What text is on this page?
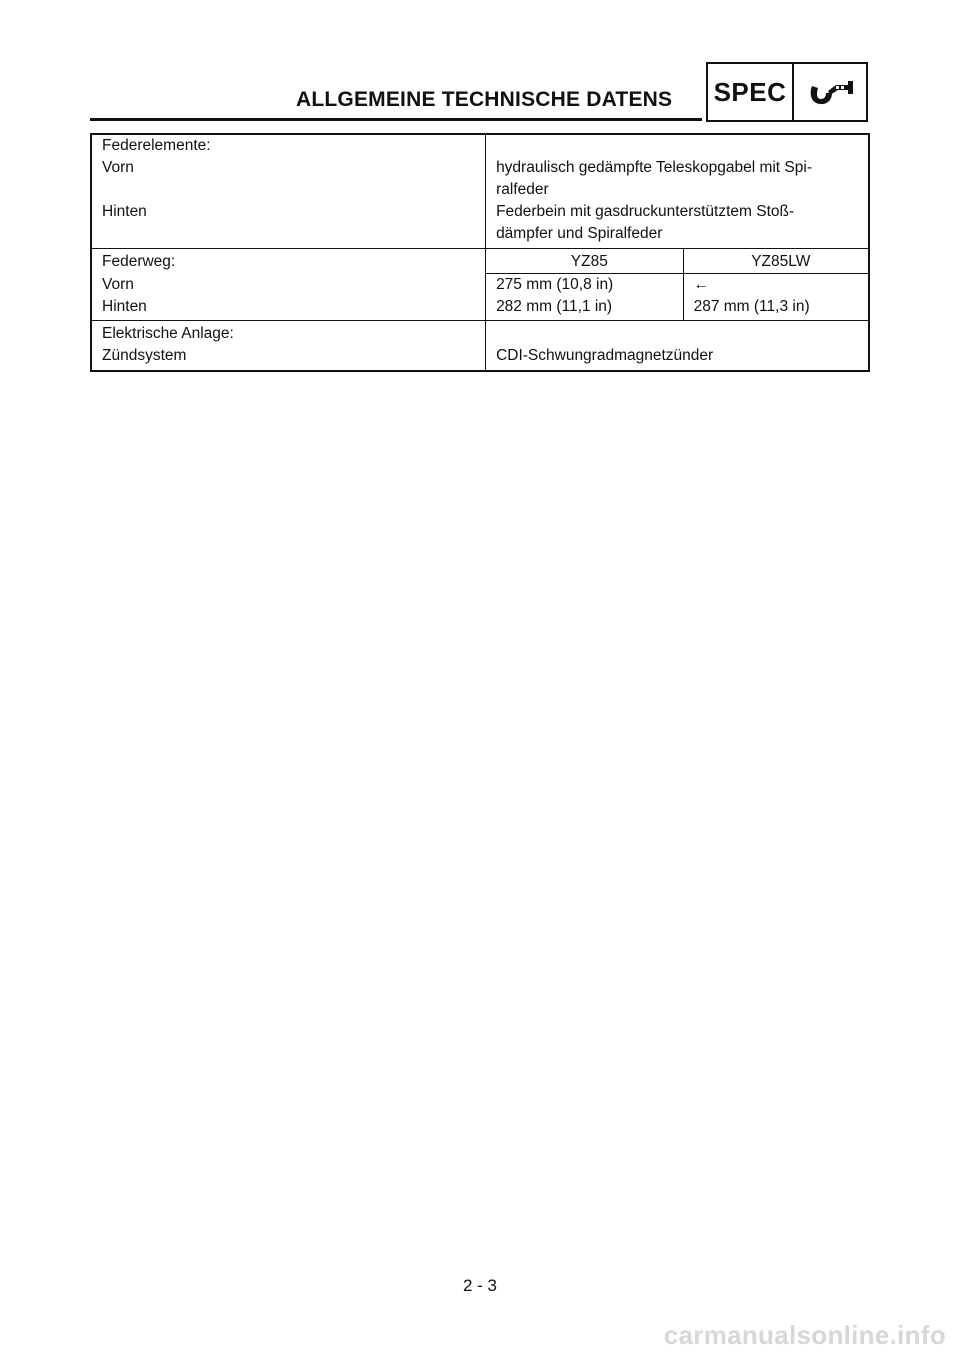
ALLGEMEINE TECHNISCHE DATENS SPEC
Federelemente:		
Vorn	hydraulisch gedämpfte Teleskopgabel mit Spi-
ralfeder	
Hinten	Federbein mit gasdruckunterstütztem Stoß-
dämpfer und Spiralfeder	
Federweg:	YZ85	YZ85LW
Vorn	275 mm (10,8 in)	←
Hinten	282 mm (11,1 in)	287 mm (11,3 in)
Elektrische Anlage:		
Zündsystem	CDI-Schwungradmagnetzünder	
2 - 3
carmanualsonline.info
